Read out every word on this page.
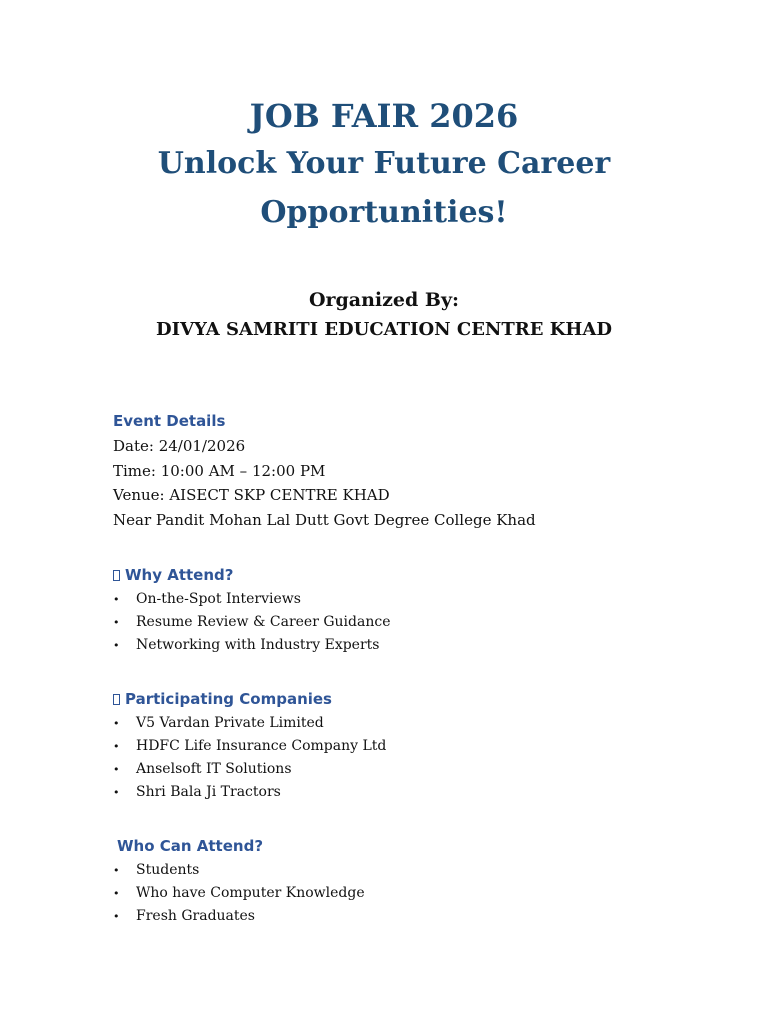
JOB FAIR 2026
Unlock Your Future Career
Opportunities!
Organized By:
DIVYA SAMRITI EDUCATION CENTRE KHAD
Event Details
Date: 24/01/2026
Time: 10:00 AM – 12:00 PM
Venue: AISECT SKP CENTRE KHAD
Near Pandit Mohan Lal Dutt Govt Degree College Khad
Why Attend?
• On-the-Spot Interviews
• Resume Review & Career Guidance
• Networking with Industry Experts
Participating Companies
• V5 Vardan Private Limited
• HDFC Life Insurance Company Ltd
• Anselsoft IT Solutions
• Shri Bala Ji Tractors
Who Can Attend?
• Students
• Who have Computer Knowledge
• Fresh Graduates
